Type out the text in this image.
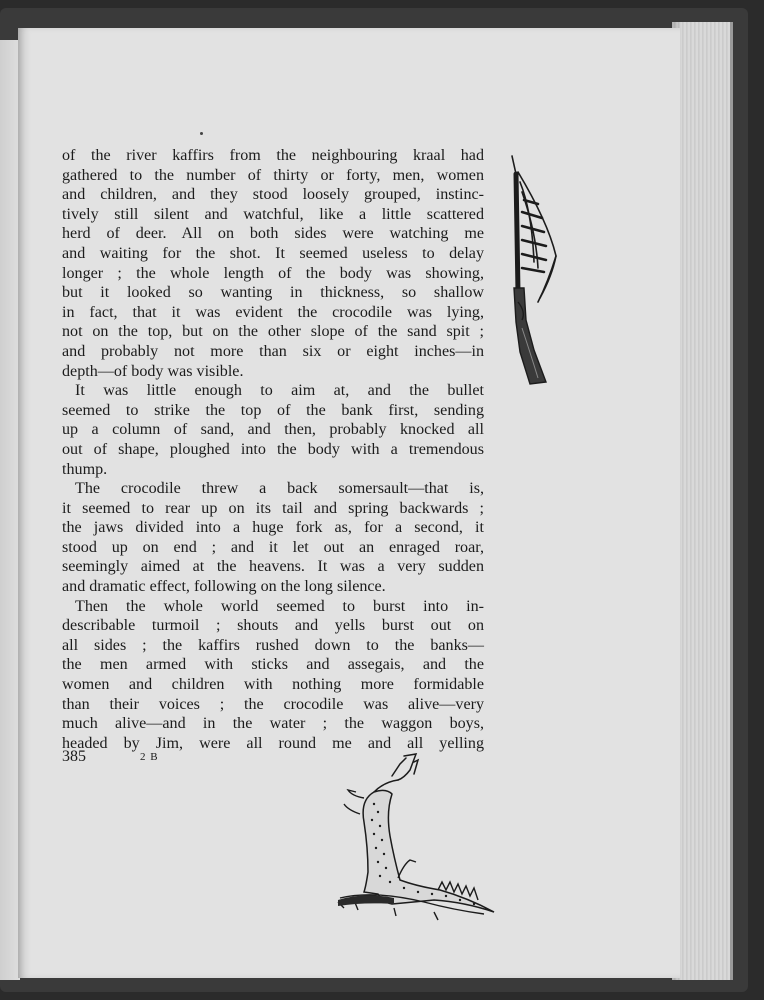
of the river kaffirs from the neighbouring kraal had
gathered to the number of thirty or forty, men, women
and children, and they stood loosely grouped, instinc-
tively still silent and watchful, like a little scattered
herd of deer. All on both sides were watching me
and waiting for the shot. It seemed useless to delay
longer ; the whole length of the body was showing,
but it looked so wanting in thickness, so shallow
in fact, that it was evident the crocodile was lying,
not on the top, but on the other slope of the sand spit ;
and probably not more than six or eight inches—in
depth—of body was visible.
It was little enough to aim at, and the bullet
seemed to strike the top of the bank first, sending
up a column of sand, and then, probably knocked all
out of shape, ploughed into the body with a tremendous
thump.
The crocodile threw a back somersault—that is,
it seemed to rear up on its tail and spring backwards ;
the jaws divided into a huge fork as, for a second, it
stood up on end ; and it let out an enraged roar,
seemingly aimed at the heavens. It was a very sudden
and dramatic effect, following on the long silence.
Then the whole world seemed to burst into in-
describable turmoil ; shouts and yells burst out on
all sides ; the kaffirs rushed down to the banks—
the men armed with sticks and assegais, and the
women and children with nothing more formidable
than their voices ; the crocodile was alive—very
much alive—and in the water ; the waggon boys,
headed by Jim, were all round me and all yelling

385	2 B
